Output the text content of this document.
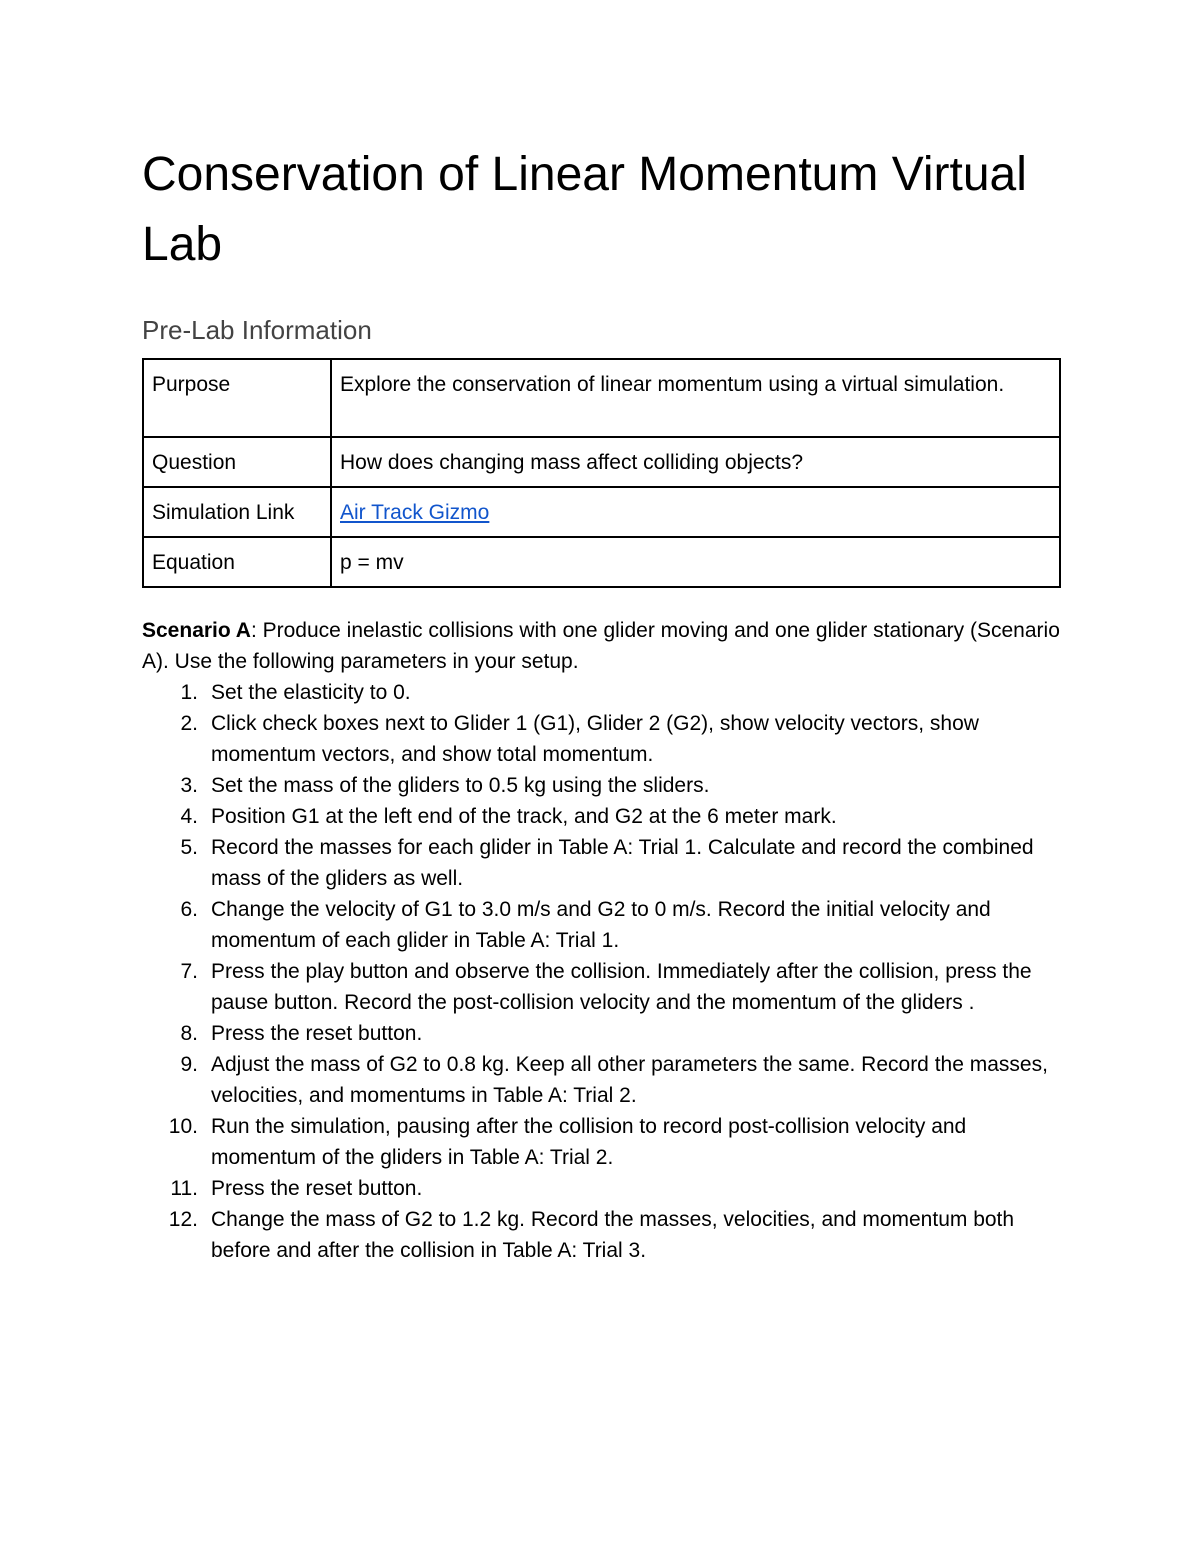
Conservation of Linear Momentum Virtual Lab
Pre-Lab Information
Purpose	Explore the conservation of linear momentum using a virtual simulation.
Question	How does changing mass affect colliding objects?
Simulation Link	Air Track Gizmo
Equation	p = mv

Scenario A: Produce inelastic collisions with one glider moving and one glider stationary (Scenario A). Use the following parameters in your setup.

1. Set the elasticity to 0.
2. Click check boxes next to Glider 1 (G1), Glider 2 (G2), show velocity vectors, show momentum vectors, and show total momentum.
3. Set the mass of the gliders to 0.5 kg using the sliders.
4. Position G1 at the left end of the track, and G2 at the 6 meter mark.
5. Record the masses for each glider in Table A: Trial 1. Calculate and record the combined mass of the gliders as well.
6. Change the velocity of G1 to 3.0 m/s and G2 to 0 m/s. Record the initial velocity and momentum of each glider in Table A: Trial 1.
7. Press the play button and observe the collision. Immediately after the collision, press the pause button. Record the post-collision velocity and the momentum of the gliders .
8. Press the reset button.
9. Adjust the mass of G2 to 0.8 kg. Keep all other parameters the same. Record the masses, velocities, and momentums in Table A: Trial 2.
10. Run the simulation, pausing after the collision to record post-collision velocity and momentum of the gliders in Table A: Trial 2.
11. Press the reset button.
12. Change the mass of G2 to 1.2 kg. Record the masses, velocities, and momentum both before and after the collision in Table A: Trial 3.
